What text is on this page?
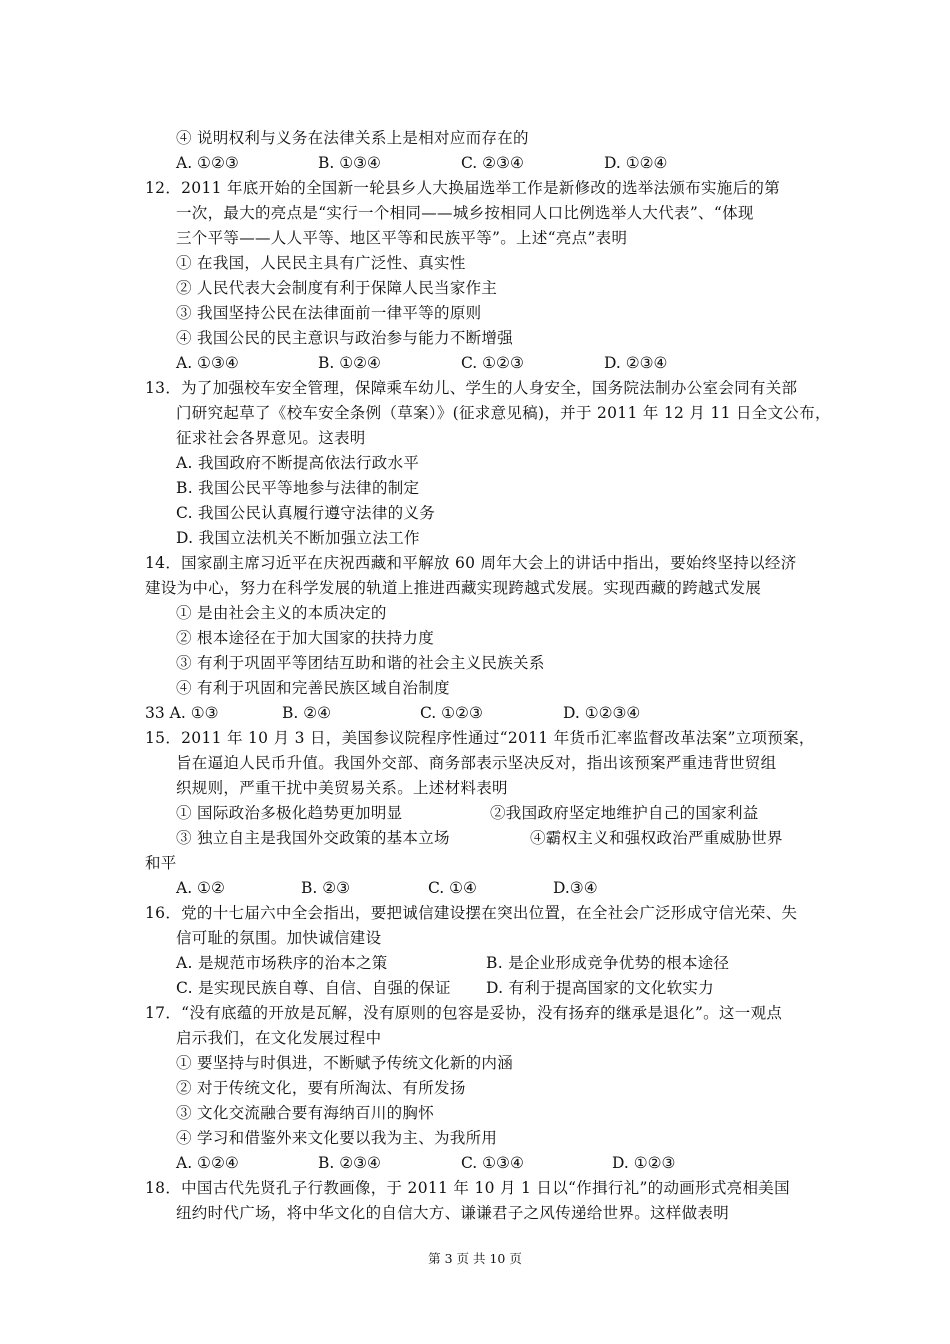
④ 说明权利与义务在法律关系上是相对应而存在的
A. ①②③	B. ①③④	C. ②③④	D. ①②④
12．2011 年底开始的全国新一轮县乡人大换届选举工作是新修改的选举法颁布实施后的第
一次，最大的亮点是“实行一个相同——城乡按相同人口比例选举人大代表”、“体现
三个平等——人人平等、地区平等和民族平等”。上述“亮点”表明
① 在我国，人民民主具有广泛性、真实性
② 人民代表大会制度有利于保障人民当家作主
③ 我国坚持公民在法律面前一律平等的原则
④ 我国公民的民主意识与政治参与能力不断增强
A. ①③④	B. ①②④	C. ①②③	D. ②③④
13．为了加强校车安全管理，保障乘车幼儿、学生的人身安全，国务院法制办公室会同有关部
门研究起草了《校车安全条例（草案）》(征求意见稿)，并于 2011 年 12 月 11 日全文公布，
征求社会各界意见。这表明
A. 我国政府不断提高依法行政水平
B. 我国公民平等地参与法律的制定
C. 我国公民认真履行遵守法律的义务
D. 我国立法机关不断加强立法工作
14．国家副主席习近平在庆祝西藏和平解放 60 周年大会上的讲话中指出，要始终坚持以经济
建设为中心，努力在科学发展的轨道上推进西藏实现跨越式发展。实现西藏的跨越式发展
① 是由社会主义的本质决定的
② 根本途径在于加大国家的扶持力度
③ 有利于巩固平等团结互助和谐的社会主义民族关系
④ 有利于巩固和完善民族区域自治制度
33 A. ①③	B. ②④	C. ①②③	D. ①②③④
15．2011 年 10 月 3 日，美国参议院程序性通过“2011 年货币汇率监督改革法案”立项预案，
旨在逼迫人民币升值。我国外交部、商务部表示坚决反对，指出该预案严重违背世贸组
织规则，严重干扰中美贸易关系。上述材料表明
① 国际政治多极化趋势更加明显	②我国政府坚定地维护自己的国家利益
③ 独立自主是我国外交政策的基本立场	④霸权主义和强权政治严重威胁世界
和平
A. ①②	B. ②③	C. ①④	D.③④
16．党的十七届六中全会指出，要把诚信建设摆在突出位置，在全社会广泛形成守信光荣、失
信可耻的氛围。加快诚信建设
A. 是规范市场秩序的治本之策	B. 是企业形成竞争优势的根本途径
C. 是实现民族自尊、自信、自强的保证 D. 有利于提高国家的文化软实力
17．“没有底蕴的开放是瓦解，没有原则的包容是妥协，没有扬弃的继承是退化”。这一观点
启示我们，在文化发展过程中
① 要坚持与时俱进，不断赋予传统文化新的内涵
② 对于传统文化，要有所淘汰、有所发扬
③ 文化交流融合要有海纳百川的胸怀
④ 学习和借鉴外来文化要以我为主、为我所用
A. ①②④	B. ②③④	C. ①③④	D. ①②③
18．中国古代先贤孔子行教画像，于 2011 年 10 月 1 日以“作揖行礼”的动画形式亮相美国
纽约时代广场，将中华文化的自信大方、谦谦君子之风传递给世界。这样做表明
第 3 页 共 10 页
